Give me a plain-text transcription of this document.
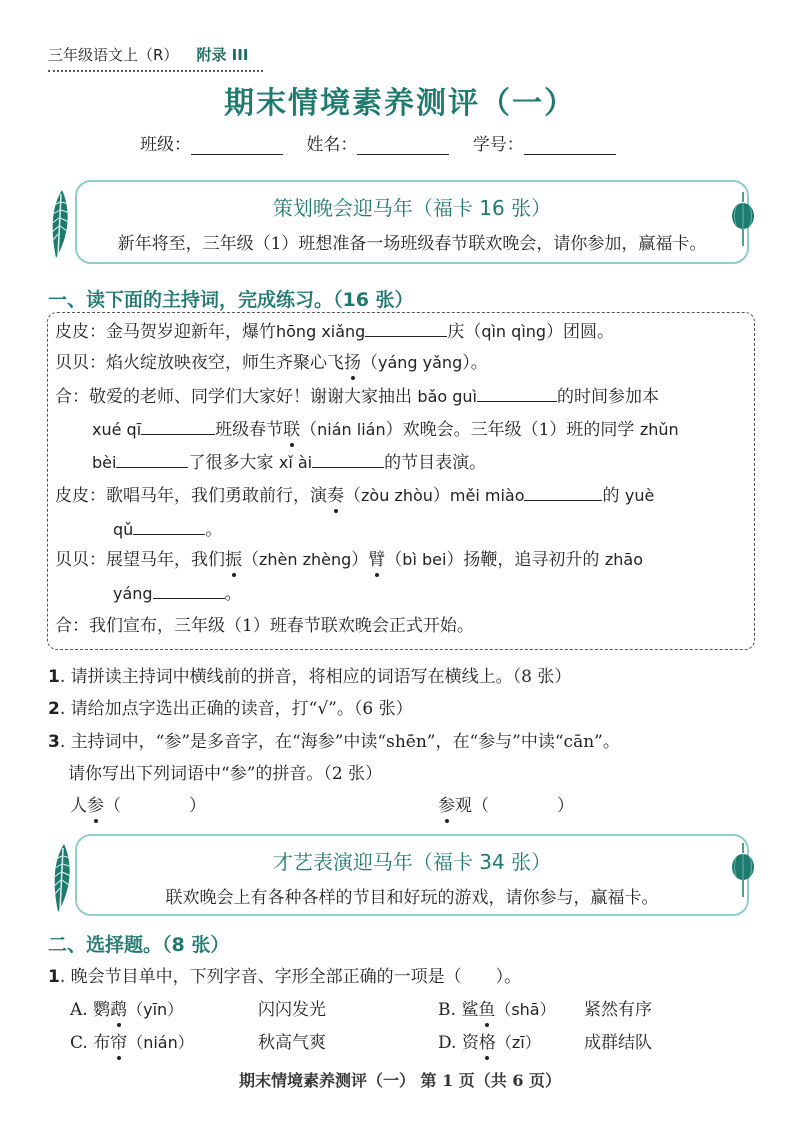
三年级语文上（R） 附录 III
期末情境素养测评（一）
班级：	姓名：	学号：
策划晚会迎马年（福卡 16 张）
新年将至，三年级（1）班想准备一场班级春节联欢晚会，请你参加，赢福卡。
一、读下面的主持词，完成练习。（16 张）
皮皮：金马贺岁迎新年，爆竹hōng xiǎng	庆（qìn qìng）团圆。
贝贝：焰火绽放映夜空，师生齐聚心飞扬（yáng yǎng）。
合：敬爱的老师、同学们大家好！谢谢大家抽出 bǎo guì	的时间参加本
xué qī	班级春节联（nián lián）欢晚会。三年级（1）班的同学 zhǔn
bèi	了很多大家 xǐ ài	的节目表演。
皮皮：歌唱马年，我们勇敢前行，演奏（zòu zhòu）měi miào	的 yuè
qǔ	。
贝贝：展望马年，我们振（zhèn zhèng）臂（bì bei）扬鞭，追寻初升的 zhāo
yáng	。
合：我们宣布，三年级（1）班春节联欢晚会正式开始。
1. 请拼读主持词中横线前的拼音，将相应的词语写在横线上。（8 张）
2. 请给加点字选出正确的读音，打“√”。（6 张）
3. 主持词中，“参”是多音字，在“海参”中读“shēn”，在“参与”中读“cān”。
请你写出下列词语中“参”的拼音。（2 张）
人参（　　　　）	参观（　　　　）
才艺表演迎马年（福卡 34 张）
联欢晚会上有各种各样的节目和好玩的游戏，请你参与，赢福卡。
二、选择题。（8 张）
1. 晚会节目单中，下列字音、字形全部正确的一项是（　　）。
A. 鹦鹉（yīn）	闪闪发光	B. 鲨鱼（shā） 紧然有序
C. 布帘（nián）	秋高气爽	D. 资格（zī）	成群结队
期末情境素养测评（一） 第 1 页（共 6 页）
